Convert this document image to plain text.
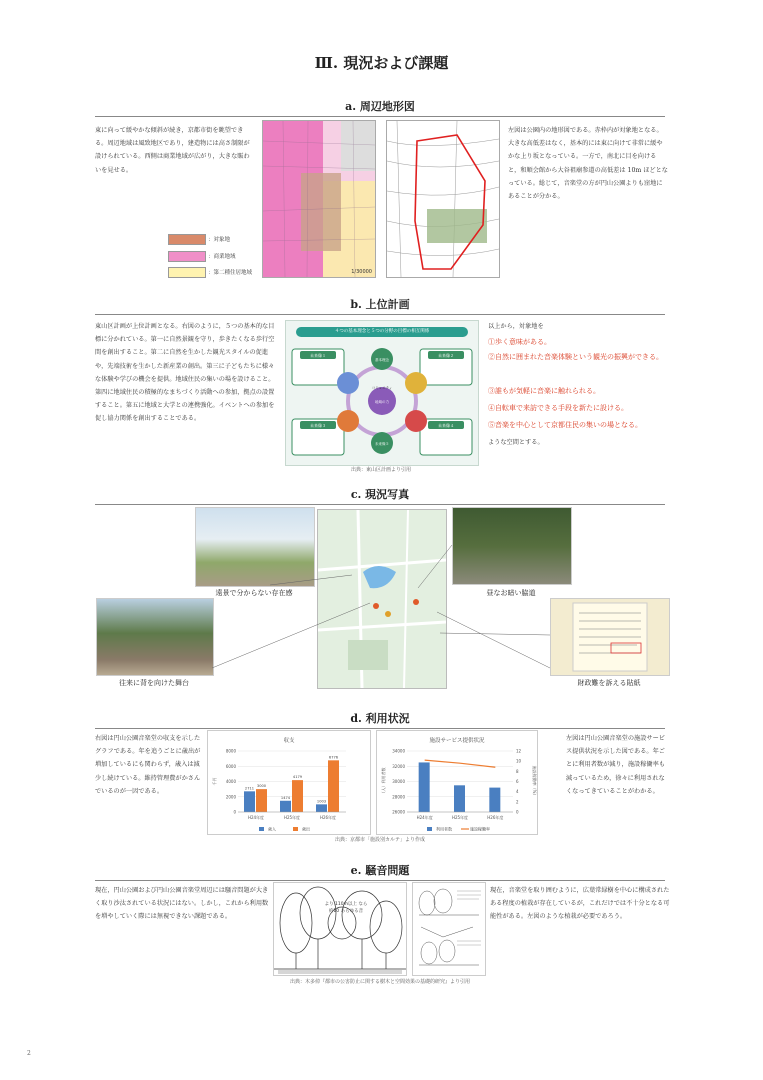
Ⅲ. 現況および課題
a. 周辺地形図
東に向って緩やかな傾斜が続き，京都市街を眺望できる。周辺地域は風致地区であり，建造物には高さ制限が設けられている。西側は商業地域が広がり，大きな賑わいを見せる。
1/30000
：対象地
：商業地域
：第二種住居地域
左図は公園内の地形図である。赤枠内が対象地となる。大きな高低差はなく，基本的には東に向けて非常に緩やかな上り坂となっている。一方で，南北に目を向けると，和順会館から大谷祖廟参道の高低差は 10m ほどとなっている。総じて，音楽堂の方が円山公園よりも窪地にあることが分かる。
b. 上位計画
東山区計画が上位計画となる。右図のように，５つの基本的な目標に分かれている。第一に自然景観を守り，歩きたくなる歩行空間を創出すること。第二に自然を生かした観光スタイルの促進や，先端技術を生かした新産業の創出。第三に子どもたちに様々な体験や学びの機会を提供。地域住民の集いの場を設けること。第四に地域住民の積極的なまちづくり活動への参加，拠点の設置すること。第五に地域と大学との連携強化。イベントへの参加を促し協力関係を創出することである。
４つの基本理念と５つの分野の目標の相互関係
未来像１	未来像２
未来像３	未来像４
基本理念
コミュニティ
地域の力
未来像５
出典：東山区計画より引用
以上から，対象地を
①歩く意味がある。
②自然に囲まれた音楽体験という観光の振興ができる。
③誰もが気軽に音楽に触れられる。
④自転車で来訪できる手段を新たに設ける。
⑤音楽を中心として京都住民の集いの場となる。
ような空間とする。
c. 現況写真
遠景で分からない存在感	昼なお暗い脇道
往来に背を向けた舞台	財政難を訴える貼紙
d. 利用状況
右図は円山公園音楽堂の収支を示したグラフである。年を追うごとに歳出が増加しているにも関わらず，歳入は減少し続けている。維持管理費がかさんでいるのが一因である。
収支
千円
0
2000
4000
6000
8000
H24年度	H25年度	H26年度
2711
1474
1003
3000
4179
6776
歳入	歳出
施設サービス提供状況
（人）利用者数
26000
28000
30000
32000
34000
H24年度	H25年度	H26年度
0
2
4
6
8
10
12
施設稼働率（%）
利用者数	施設稼働率
出典：京都市「施設別カルテ」より作成
左図は円山公園音楽堂の施設サービス提供状況を示した図である。年ごとに利用者数が減り，施設稼働率も減っているため，徐々に利用されなくなってきていることがわかる。
e. 騒音問題
現在，円山公園および円山公園音楽堂周辺には騒音問題が大きく取り沙汰されている状況にはない。しかし，これから利用数を増やしていく際には無視できない課題である。
より 110m以上 なら 約10 あらゆる音
出典：木多倬『都市の公害防止に関する樹木と空間効果の基礎的研究』より引用
現在，音楽堂を取り囲むように，広葉常緑樹を中心に構成されたある程度の植栽が存在しているが，これだけでは不十分となる可能性がある。左図のような植栽が必要であろう。
2
